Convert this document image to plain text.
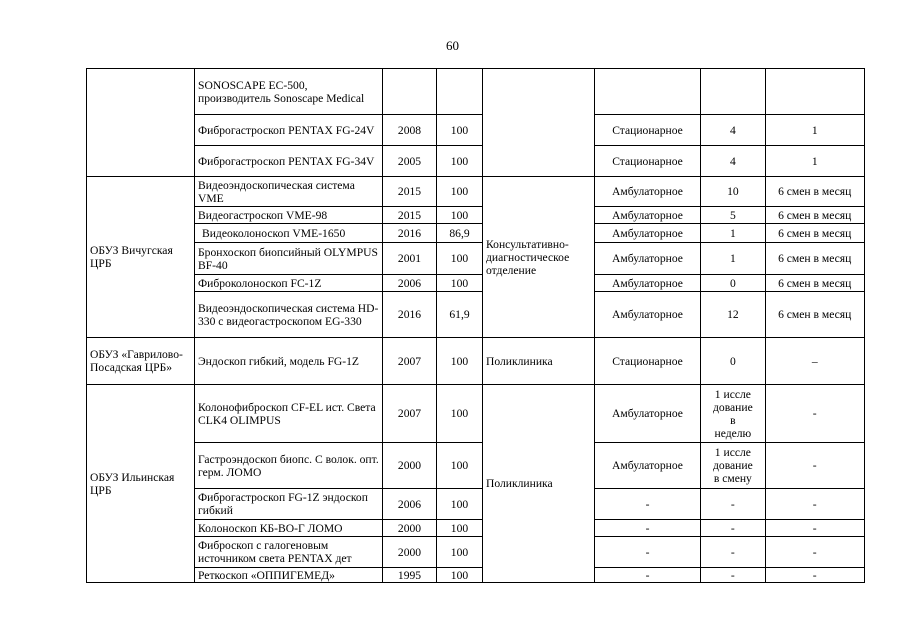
60
	SONOSCAPE EC-500, производитель Sonoscape Medical						
	Фиброгастроскоп PENTAX FG-24V	2008	100		Стационарное	4	1
	Фиброгастроскоп PENTAX FG-34V	2005	100		Стационарное	4	1
ОБУЗ Вичугская ЦРБ	Видеоэндоскопическая система VME	2015	100	Консультативно-диагностическое отделение	Амбулаторное	10	6 смен в месяц
	Видеогастроскоп VME-98	2015	100		Амбулаторное	5	6 смен в месяц
	Видеоколоноскоп VME-1650	2016	86,9		Амбулаторное	1	6 смен в месяц
	Бронхоскоп биопсийный OLYMPUS BF-40	2001	100		Амбулаторное	1	6 смен в месяц
	Фиброколоноскоп FC-1Z	2006	100		Амбулаторное	0	6 смен в месяц
	Видеоэндоскопическая система HD-330 с видеогастроскопом EG-330	2016	61,9		Амбулаторное	12	6 смен в месяц
ОБУЗ «Гаврилово-Посадская ЦРБ»	Эндоскоп гибкий, модель FG-1Z	2007	100	Поликлиника	Стационарное	0	–
ОБУЗ Ильинская ЦРБ	Колонофиброскоп CF-EL ист. Света CLK4 OLIMPUS	2007	100	Поликлиника	Амбулаторное	1 иссле дование в неделю	-
	Гастроэндоскоп биопс. С волок. опт. герм. ЛОМО	2000	100		Амбулаторное	1 иссле дование в смену	-
	Фиброгастроскоп FG-1Z эндоскоп гибкий	2006	100		-	-	-
	Колоноскоп КБ-ВО-Г ЛОМО	2000	100		-	-	-
	Фиброскоп с галогеновым источником света PENTAX дет	2000	100		-	-	-
	Реткоскоп «ОППИГЕМЕД»	1995	100		-	-	-
